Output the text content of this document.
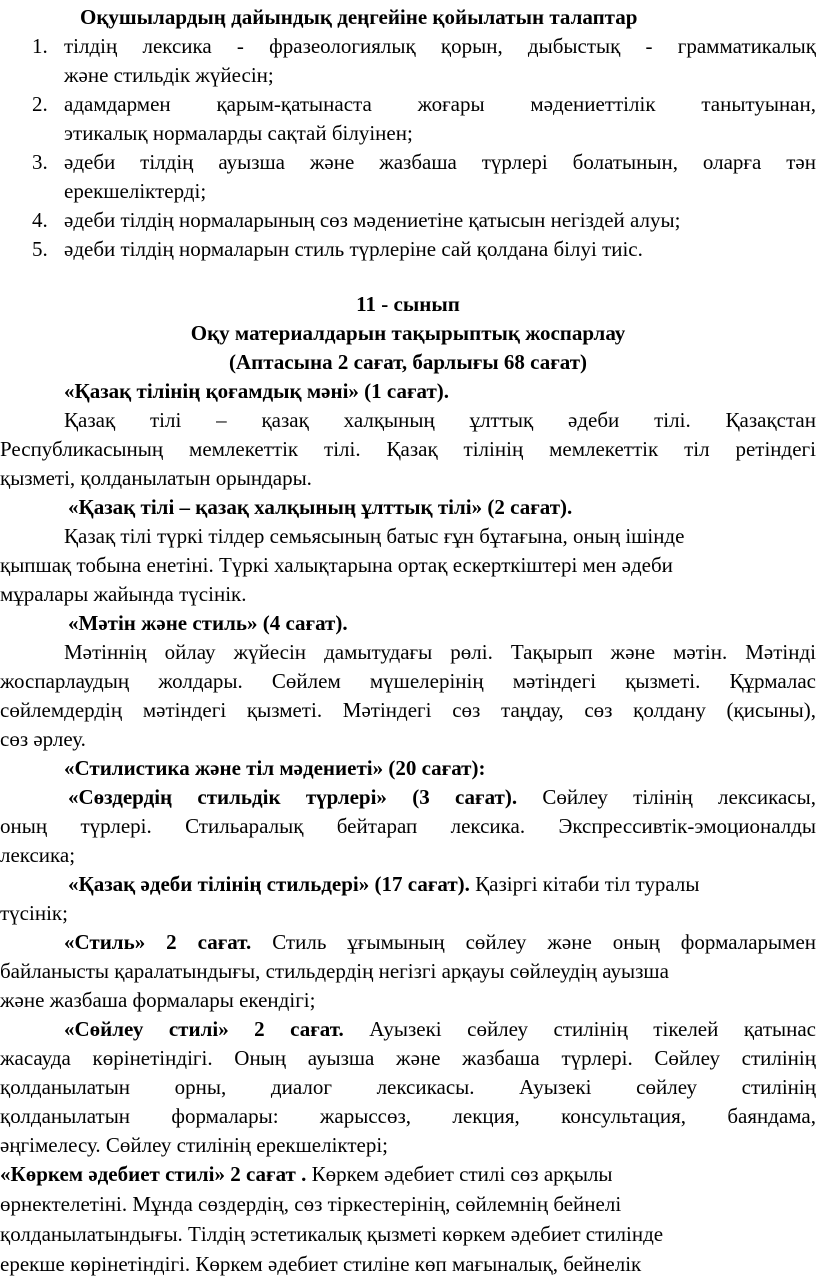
Оқушылардың дайындық деңгейіне қойылатын талаптар
1. тілдің лексика - фразеологиялық қорын, дыбыстық - грамматикалық
және стильдік жүйесін;
2. адамдармен қарым-қатынаста жоғары мәдениеттілік танытуынан,
этикалық нормаларды сақтай білуінен;
3. әдеби тілдің ауызша және жазбаша түрлері болатынын, оларға тән
ерекшеліктерді;
4. әдеби тілдің нормаларының сөз мәдениетіне қатысын негіздей алуы;
5. әдеби тілдің нормаларын стиль түрлеріне сай қолдана білуі тиіс.
11 - сынып
Оқу материалдарын тақырыптық жоспарлау
(Аптасына 2 сағат, барлығы 68 сағат)
«Қазақ тілінің қоғамдық мәні» (1 сағат).
Қазақ тілі – қазақ халқының ұлттық әдеби тілі. Қазақстан
Республикасының мемлекеттік тілі. Қазақ тілінің мемлекеттік тіл ретіндегі
қызметі, қолданылатын орындары.
«Қазақ тілі – қазақ халқының ұлттық тілі» (2 сағат).
Қазақ тілі түркі тілдер семьясының батыс ғұн бұтағына, оның ішінде
қыпшақ тобына енетіні. Түркі халықтарына ортақ ескерткіштері мен әдеби
мұралары жайында түсінік.
«Мәтін және стиль» (4 сағат).
Мәтіннің ойлау жүйесін дамытудағы рөлі. Тақырып және мәтін. Мәтінді
жоспарлаудың жолдары. Сөйлем мүшелерінің мәтіндегі қызметі. Құрмалас
сөйлемдердің мәтіндегі қызметі. Мәтіндегі сөз таңдау, сөз қолдану (қисыны),
сөз әрлеу.
«Стилистика және тіл мәдениеті» (20 сағат):
«Сөздердің стильдік түрлері» (3 сағат). Сөйлеу тілінің лексикасы,
оның түрлері. Стильаралық бейтарап лексика. Экспрессивтік-эмоционалды
лексика;
«Қазақ әдеби тілінің стильдері» (17 сағат). Қазіргі кітаби тіл туралы
түсінік;
«Стиль» 2 сағат. Стиль ұғымының сөйлеу және оның формаларымен
байланысты қаралатындығы, стильдердің негізгі арқауы сөйлеудің ауызша
және жазбаша формалары екендігі;
«Сөйлеу стилі» 2 сағат. Ауызекі сөйлеу стилінің тікелей қатынас
жасауда көрінетіндігі. Оның ауызша және жазбаша түрлері. Сөйлеу стилінің
қолданылатын орны, диалог лексикасы. Ауызекі сөйлеу стилінің
қолданылатын формалары: жарыссөз, лекция, консультация, баяндама,
әңгімелесу. Сөйлеу стилінің ерекшеліктері;
«Көркем әдебиет стилі» 2 сағат . Көркем әдебиет стилі сөз арқылы
өрнектелетіні. Мұнда сөздердің, сөз тіркестерінің, сөйлемнің бейнелі
қолданылатындығы. Тілдің эстетикалық қызметі көркем әдебиет стилінде
ерекше көрінетіндігі. Көркем әдебиет стиліне көп мағыналық, бейнелік
